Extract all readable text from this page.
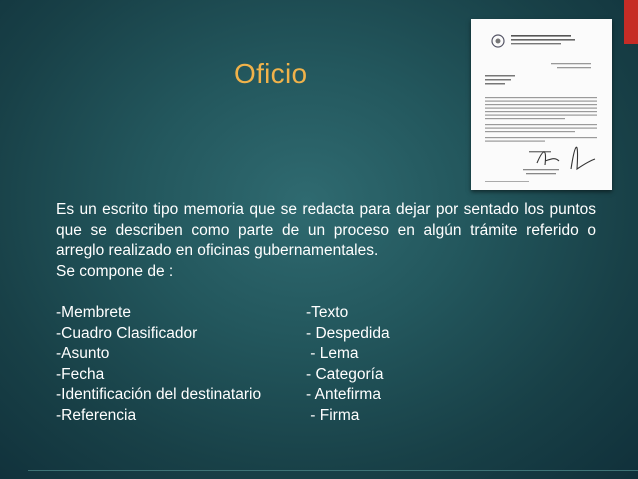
Oficio

Es un escrito tipo memoria que se redacta para dejar por sentado los puntos que se describen como parte de un proceso en algún trámite referido o arreglo realizado en oficinas gubernamentales.

Se compone de :

-Membrete	-Texto
-Cuadro Clasificador	- Despedida
-Asunto	- Lema
-Fecha	- Categoría
-Identificación del destinatario	- Antefirma
-Referencia	- Firma
